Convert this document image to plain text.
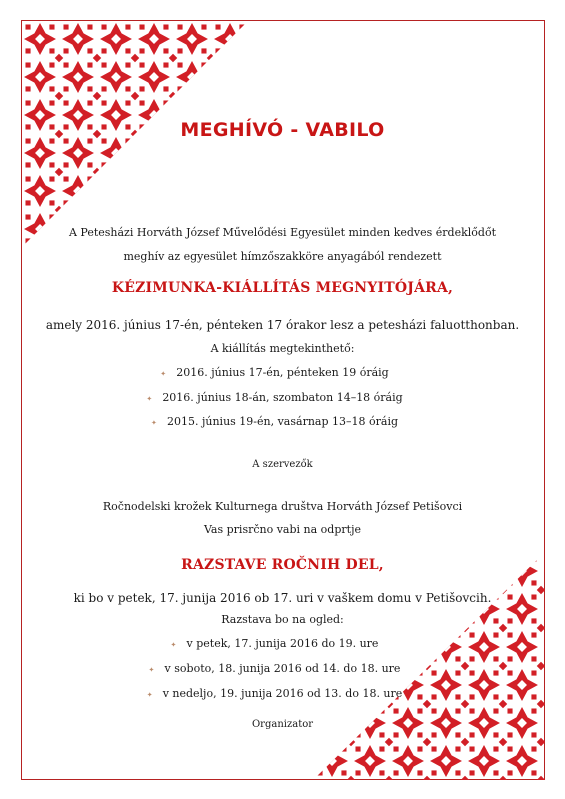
MEGHÍVÓ - VABILO
A Petesházi Horváth József Művelődési Egyesület minden kedves érdeklődőt
meghív az egyesület hímzőszakköre anyagából rendezett
KÉZIMUNKA-KIÁLLÍTÁS MEGNYITÓJÁRA,
amely 2016. június 17-én, pénteken 17 órakor lesz a petesházi faluotthonban.
A kiállítás megtekinthető:
✦ 2016. június 17-én, pénteken 19 óráig
✦ 2016. június 18-án, szombaton 14–18 óráig
✦ 2015. június 19-én, vasárnap 13–18 óráig
A szervezők
Ročnodelski krožek Kulturnega društva Horváth József Petišovci
Vas prisrčno vabi na odprtje
RAZSTAVE ROČNIH DEL,
ki bo v petek, 17. junija 2016 ob 17. uri v vaškem domu v Petišovcih.
Razstava bo na ogled:
✦ v petek, 17. junija 2016 do 19. ure
✦ v soboto, 18. junija 2016 od 14. do 18. ure
✦ v nedeljo, 19. junija 2016 od 13. do 18. ure
Organizator
